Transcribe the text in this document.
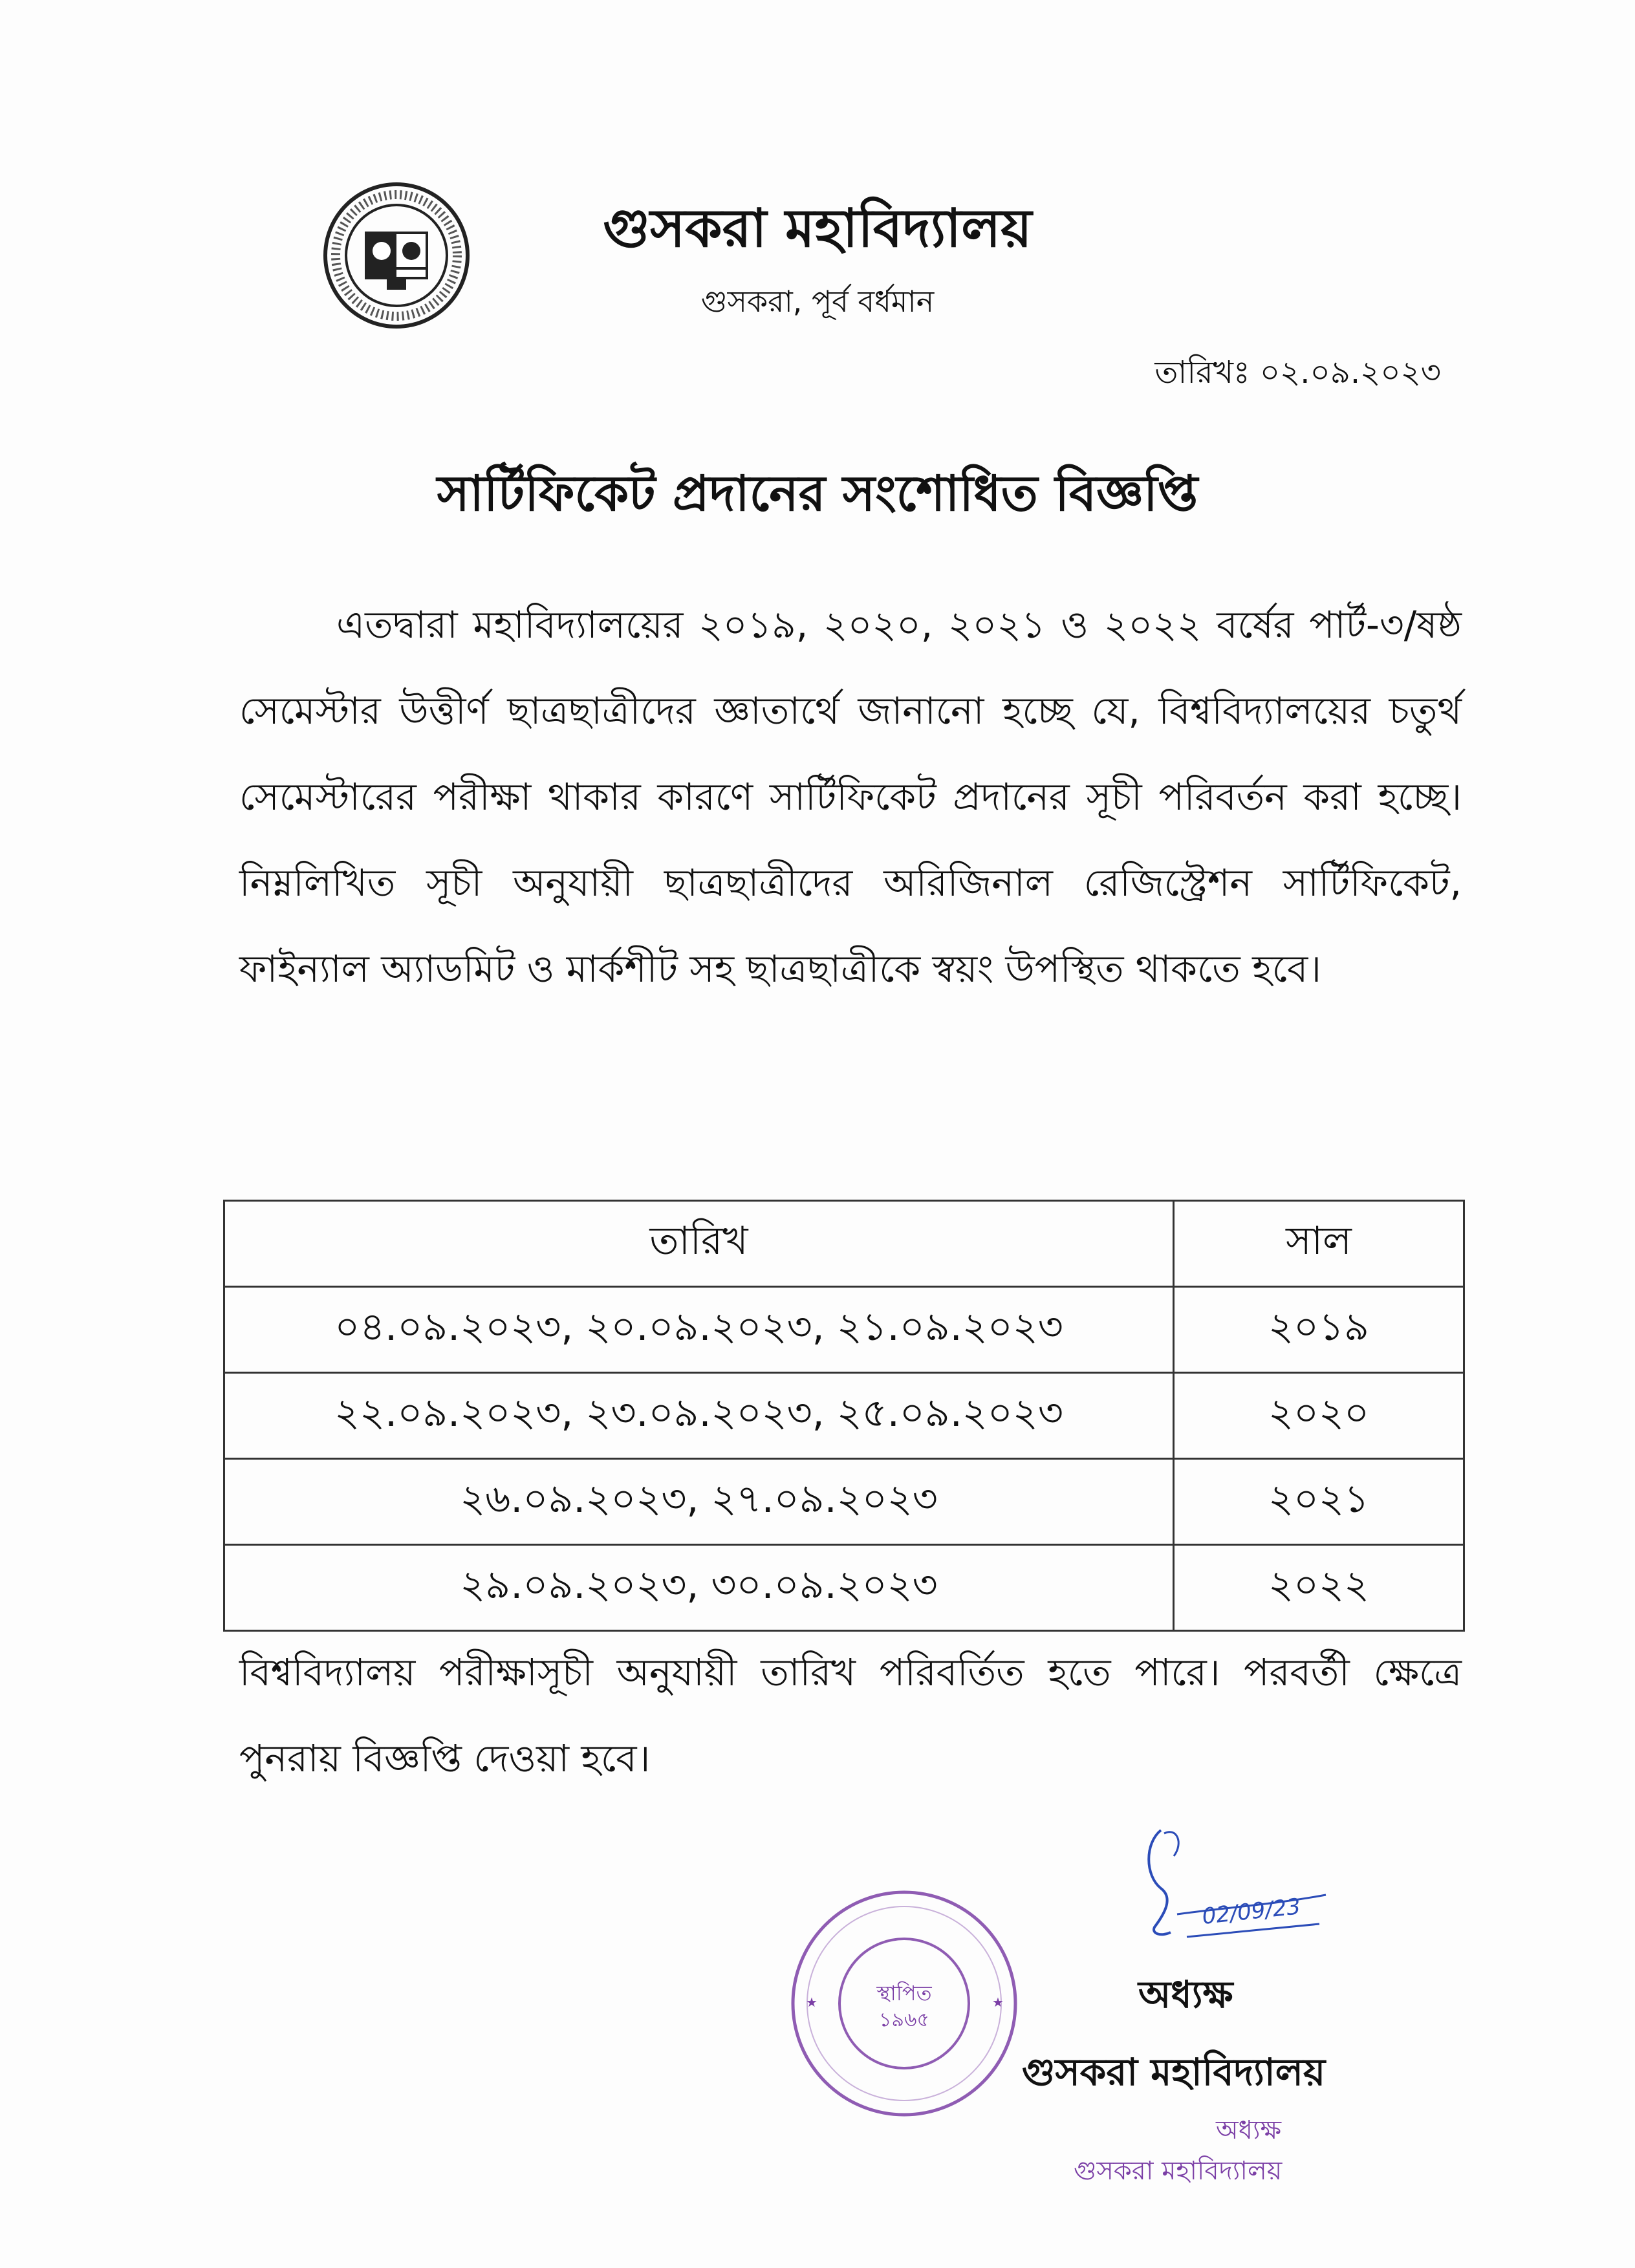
গুসকরা মহাবিদ্যালয়
গুসকরা, পূর্ব বর্ধমান
তারিখঃ ০২.০৯.২০২৩
সার্টিফিকেট প্রদানের সংশোধিত বিজ্ঞপ্তি

এতদ্বারা মহাবিদ্যালয়ের ২০১৯, ২০২০, ২০২১ ও ২০২২ বর্ষের পার্ট-৩/ষষ্ঠ সেমেস্টার উত্তীর্ণ ছাত্রছাত্রীদের জ্ঞাতার্থে জানানো হচ্ছে যে, বিশ্ববিদ্যালয়ের চতুর্থ সেমেস্টারের পরীক্ষা থাকার কারণে সার্টিফিকেট প্রদানের সূচী পরিবর্তন করা হচ্ছে। নিম্নলিখিত সূচী অনুযায়ী ছাত্রছাত্রীদের অরিজিনাল রেজিস্ট্রেশন সার্টিফিকেট, ফাইন্যাল অ্যাডমিট ও মার্কশীট সহ ছাত্রছাত্রীকে স্বয়ং উপস্থিত থাকতে হবে।

তারিখ	সাল
০৪.০৯.২০২৩, ২০.০৯.২০২৩, ২১.০৯.২০২৩	২০১৯
২২.০৯.২০২৩, ২৩.০৯.২০২৩, ২৫.০৯.২০২৩	২০২০
২৬.০৯.২০২৩, ২৭.০৯.২০২৩	২০২১
২৯.০৯.২০২৩, ৩০.০৯.২০২৩	২০২২

বিশ্ববিদ্যালয় পরীক্ষাসূচী অনুযায়ী তারিখ পরিবর্তিত হতে পারে। পরবর্তী ক্ষেত্রে পুনরায় বিজ্ঞপ্তি দেওয়া হবে।

স্থাপিত
১৯৬৫
★	★
02/09/23
অধ্যক্ষ
গুসকরা মহাবিদ্যালয়
অধ্যক্ষ
গুসকরা মহাবিদ্যালয়
